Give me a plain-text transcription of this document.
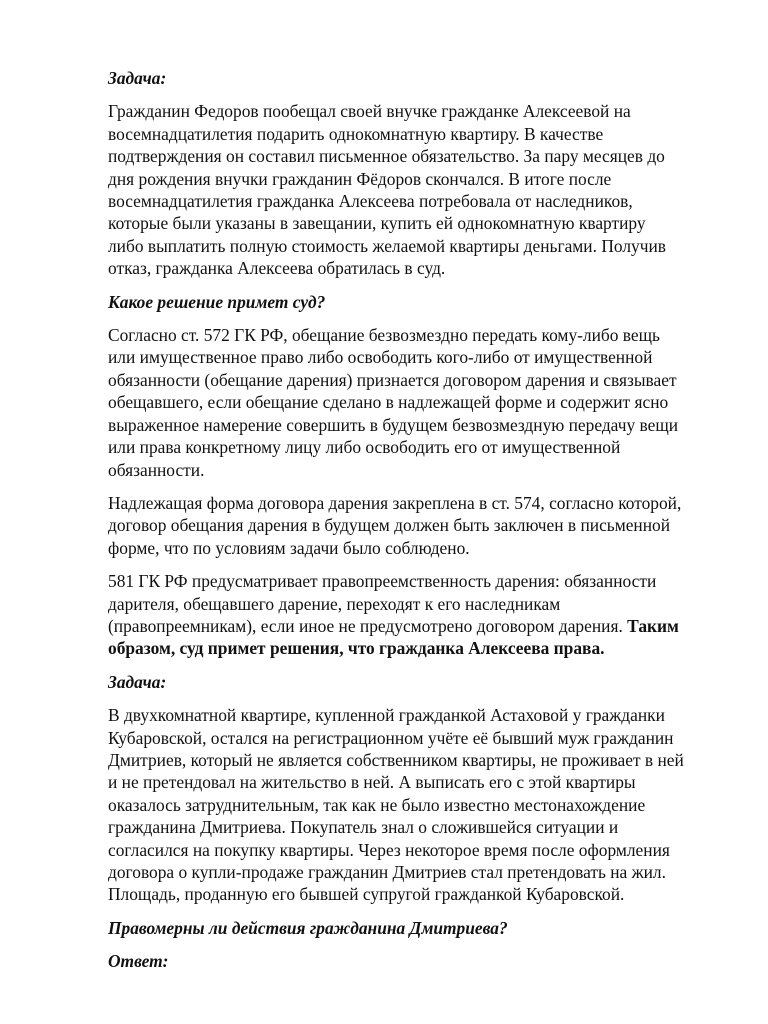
Задача:
Гражданин Федоров пообещал своей внучке гражданке Алексеевой на
восемнадцатилетия подарить однокомнатную квартиру. В качестве
подтверждения он составил письменное обязательство. За пару месяцев до
дня рождения внучки гражданин Фёдоров скончался. В итоге после
восемнадцатилетия гражданка Алексеева потребовала от наследников,
которые были указаны в завещании, купить ей однокомнатную квартиру
либо выплатить полную стоимость желаемой квартиры деньгами. Получив
отказ, гражданка Алексеева обратилась в суд.
Какое решение примет суд?
Согласно ст. 572 ГК РФ, обещание безвозмездно передать кому-либо вещь
или имущественное право либо освободить кого-либо от имущественной
обязанности (обещание дарения) признается договором дарения и связывает
обещавшего, если обещание сделано в надлежащей форме и содержит ясно
выраженное намерение совершить в будущем безвозмездную передачу вещи
или права конкретному лицу либо освободить его от имущественной
обязанности.
Надлежащая форма договора дарения закреплена в ст. 574, согласно которой,
договор обещания дарения в будущем должен быть заключен в письменной
форме, что по условиям задачи было соблюдено.
581 ГК РФ предусматривает правопреемственность дарения: обязанности
дарителя, обещавшего дарение, переходят к его наследникам
(правопреемникам), если иное не предусмотрено договором дарения. Таким
образом, суд примет решения, что гражданка Алексеева права.
Задача:
В двухкомнатной квартире, купленной гражданкой Астаховой у гражданки
Кубаровской, остался на регистрационном учёте её бывший муж гражданин
Дмитриев, который не является собственником квартиры, не проживает в ней
и не претендовал на жительство в ней. А выписать его с этой квартиры
оказалось затруднительным, так как не было известно местонахождение
гражданина Дмитриева. Покупатель знал о сложившейся ситуации и
согласился на покупку квартиры. Через некоторое время после оформления
договора о купли-продаже гражданин Дмитриев стал претендовать на жил.
Площадь, проданную его бывшей супругой гражданкой Кубаровской.
Правомерны ли действия гражданина Дмитриева?
Ответ:
